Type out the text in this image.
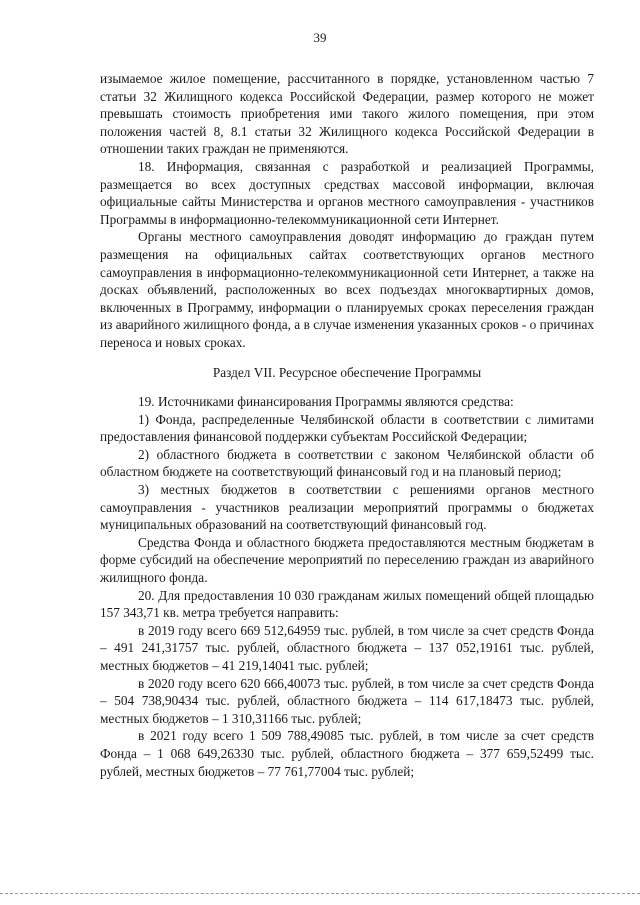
39

изымаемое жилое помещение, рассчитанного в порядке, установленном частью 7 статьи 32 Жилищного кодекса Российской Федерации, размер которого не может превышать стоимость приобретения ими такого жилого помещения, при этом положения частей 8, 8.1 статьи 32 Жилищного кодекса Российской Федерации в отношении таких граждан не применяются.

18. Информация, связанная с разработкой и реализацией Программы, размещается во всех доступных средствах массовой информации, включая официальные сайты Министерства и органов местного самоуправления - участников Программы в информационно-телекоммуникационной сети Интернет.

Органы местного самоуправления доводят информацию до граждан путем размещения на официальных сайтах соответствующих органов местного самоуправления в информационно-телекоммуникационной сети Интернет, а также на досках объявлений, расположенных во всех подъездах многоквартирных домов, включенных в Программу, информации о планируемых сроках переселения граждан из аварийного жилищного фонда, а в случае изменения указанных сроков - о причинах переноса и новых сроках.

Раздел VII. Ресурсное обеспечение Программы

19. Источниками финансирования Программы являются средства:

1) Фонда, распределенные Челябинской области в соответствии с лимитами предоставления финансовой поддержки субъектам Российской Федерации;

2) областного бюджета в соответствии с законом Челябинской области об областном бюджете на соответствующий финансовый год и на плановый период;

3) местных бюджетов в соответствии с решениями органов местного самоуправления - участников реализации мероприятий программы о бюджетах муниципальных образований на соответствующий финансовый год.

Средства Фонда и областного бюджета предоставляются местным бюджетам в форме субсидий на обеспечение мероприятий по переселению граждан из аварийного жилищного фонда.

20. Для предоставления 10 030 гражданам жилых помещений общей площадью 157 343,71 кв. метра требуется направить:

в 2019 году всего 669 512,64959 тыс. рублей, в том числе за счет средств Фонда – 491 241,31757 тыс. рублей, областного бюджета – 137 052,19161 тыс. рублей, местных бюджетов – 41 219,14041 тыс. рублей;

в 2020 году всего 620 666,40073 тыс. рублей, в том числе за счет средств Фонда – 504 738,90434 тыс. рублей, областного бюджета – 114 617,18473 тыс. рублей, местных бюджетов – 1 310,31166 тыс. рублей;

в 2021 году всего 1 509 788,49085 тыс. рублей, в том числе за счет средств Фонда – 1 068 649,26330 тыс. рублей, областного бюджета – 377 659,52499 тыс. рублей, местных бюджетов – 77 761,77004 тыс. рублей;
